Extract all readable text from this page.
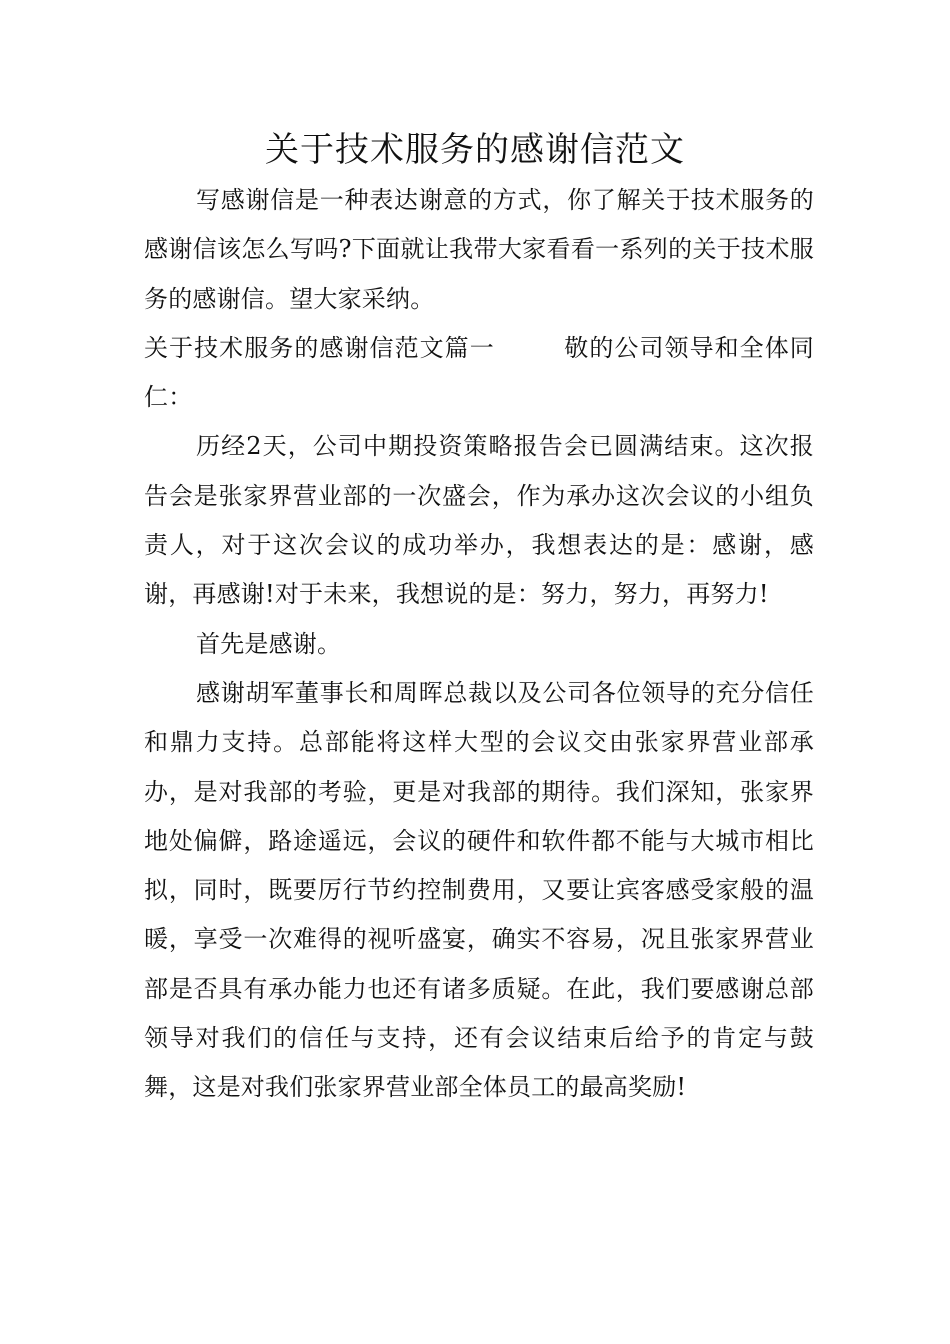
关于技术服务的感谢信范文

写感谢信是一种表达谢意的方式，你了解关于技术服务的感谢信该怎么写吗?下面就让我带大家看看一系列的关于技术服务的感谢信。望大家采纳。

关于技术服务的感谢信范文篇一        敬的公司领导和全体同仁：

历经2天，公司中期投资策略报告会已圆满结束。这次报告会是张家界营业部的一次盛会，作为承办这次会议的小组负责人，对于这次会议的成功举办，我想表达的是：感谢，感谢，再感谢!对于未来，我想说的是：努力，努力，再努力!

首先是感谢。

感谢胡军董事长和周晖总裁以及公司各位领导的充分信任和鼎力支持。总部能将这样大型的会议交由张家界营业部承办，是对我部的考验，更是对我部的期待。我们深知，张家界地处偏僻，路途遥远，会议的硬件和软件都不能与大城市相比拟，同时，既要厉行节约控制费用，又要让宾客感受家般的温暖，享受一次难得的视听盛宴，确实不容易，况且张家界营业部是否具有承办能力也还有诸多质疑。在此，我们要感谢总部领导对我们的信任与支持，还有会议结束后给予的肯定与鼓舞，这是对我们张家界营业部全体员工的最高奖励!
